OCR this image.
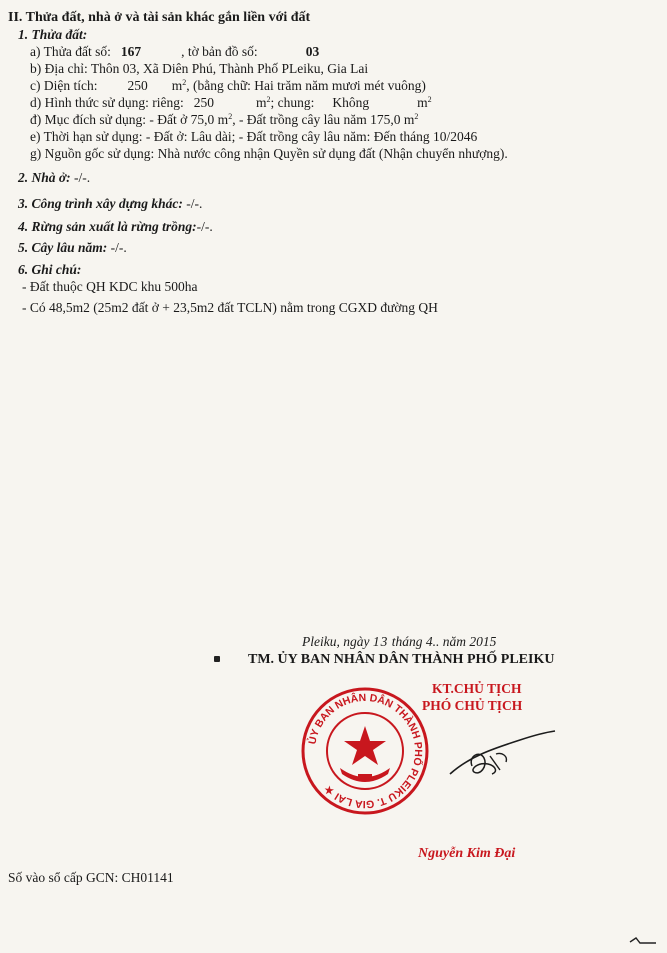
II. Thửa đất, nhà ở và tài sản khác gắn liền với đất
1. Thửa đất:
a) Thửa đất số: 167	, tờ bản đồ số:	03
b) Địa chỉ: Thôn 03, Xã Diên Phú, Thành Phố PLeiku, Gia Lai
c) Diện tích: 250 $m^2$, (bằng chữ: Hai trăm năm mươi mét vuông)
d) Hình thức sử dụng: riêng: 250	$m^2$; chung: Không	$m^2$
đ) Mục đích sử dụng: - Đất ở 75,0 $m^2$, - Đất trồng cây lâu năm 175,0 $m^2$
e) Thời hạn sử dụng: - Đất ở: Lâu dài; - Đất trồng cây lâu năm: Đến tháng 10/2046
g) Nguồn gốc sử dụng: Nhà nước công nhận Quyền sử dụng đất (Nhận chuyển nhượng).
2. Nhà ở: -/-.
3. Công trình xây dựng khác: -/-.
4. Rừng sản xuất là rừng trồng:-/-.
5. Cây lâu năm: -/-.
6. Ghi chú:
- Đất thuộc QH KDC khu 500ha
- Có 48,5m2 (25m2 đất ở + 23,5m2 đất TCLN) nằm trong CGXD đường QH
Pleiku, ngày 13 tháng 4.. năm 2015
TM. ỦY BAN NHÂN DÂN THÀNH PHỐ PLEIKU
KT.CHỦ TỊCH
PHÓ CHỦ TỊCH
ỦY BAN NHÂN DÂN THÀNH PHỐ PLEIKU T. GIA LAI ★
Nguyễn Kim Đại
Số vào sổ cấp GCN: CH01141
